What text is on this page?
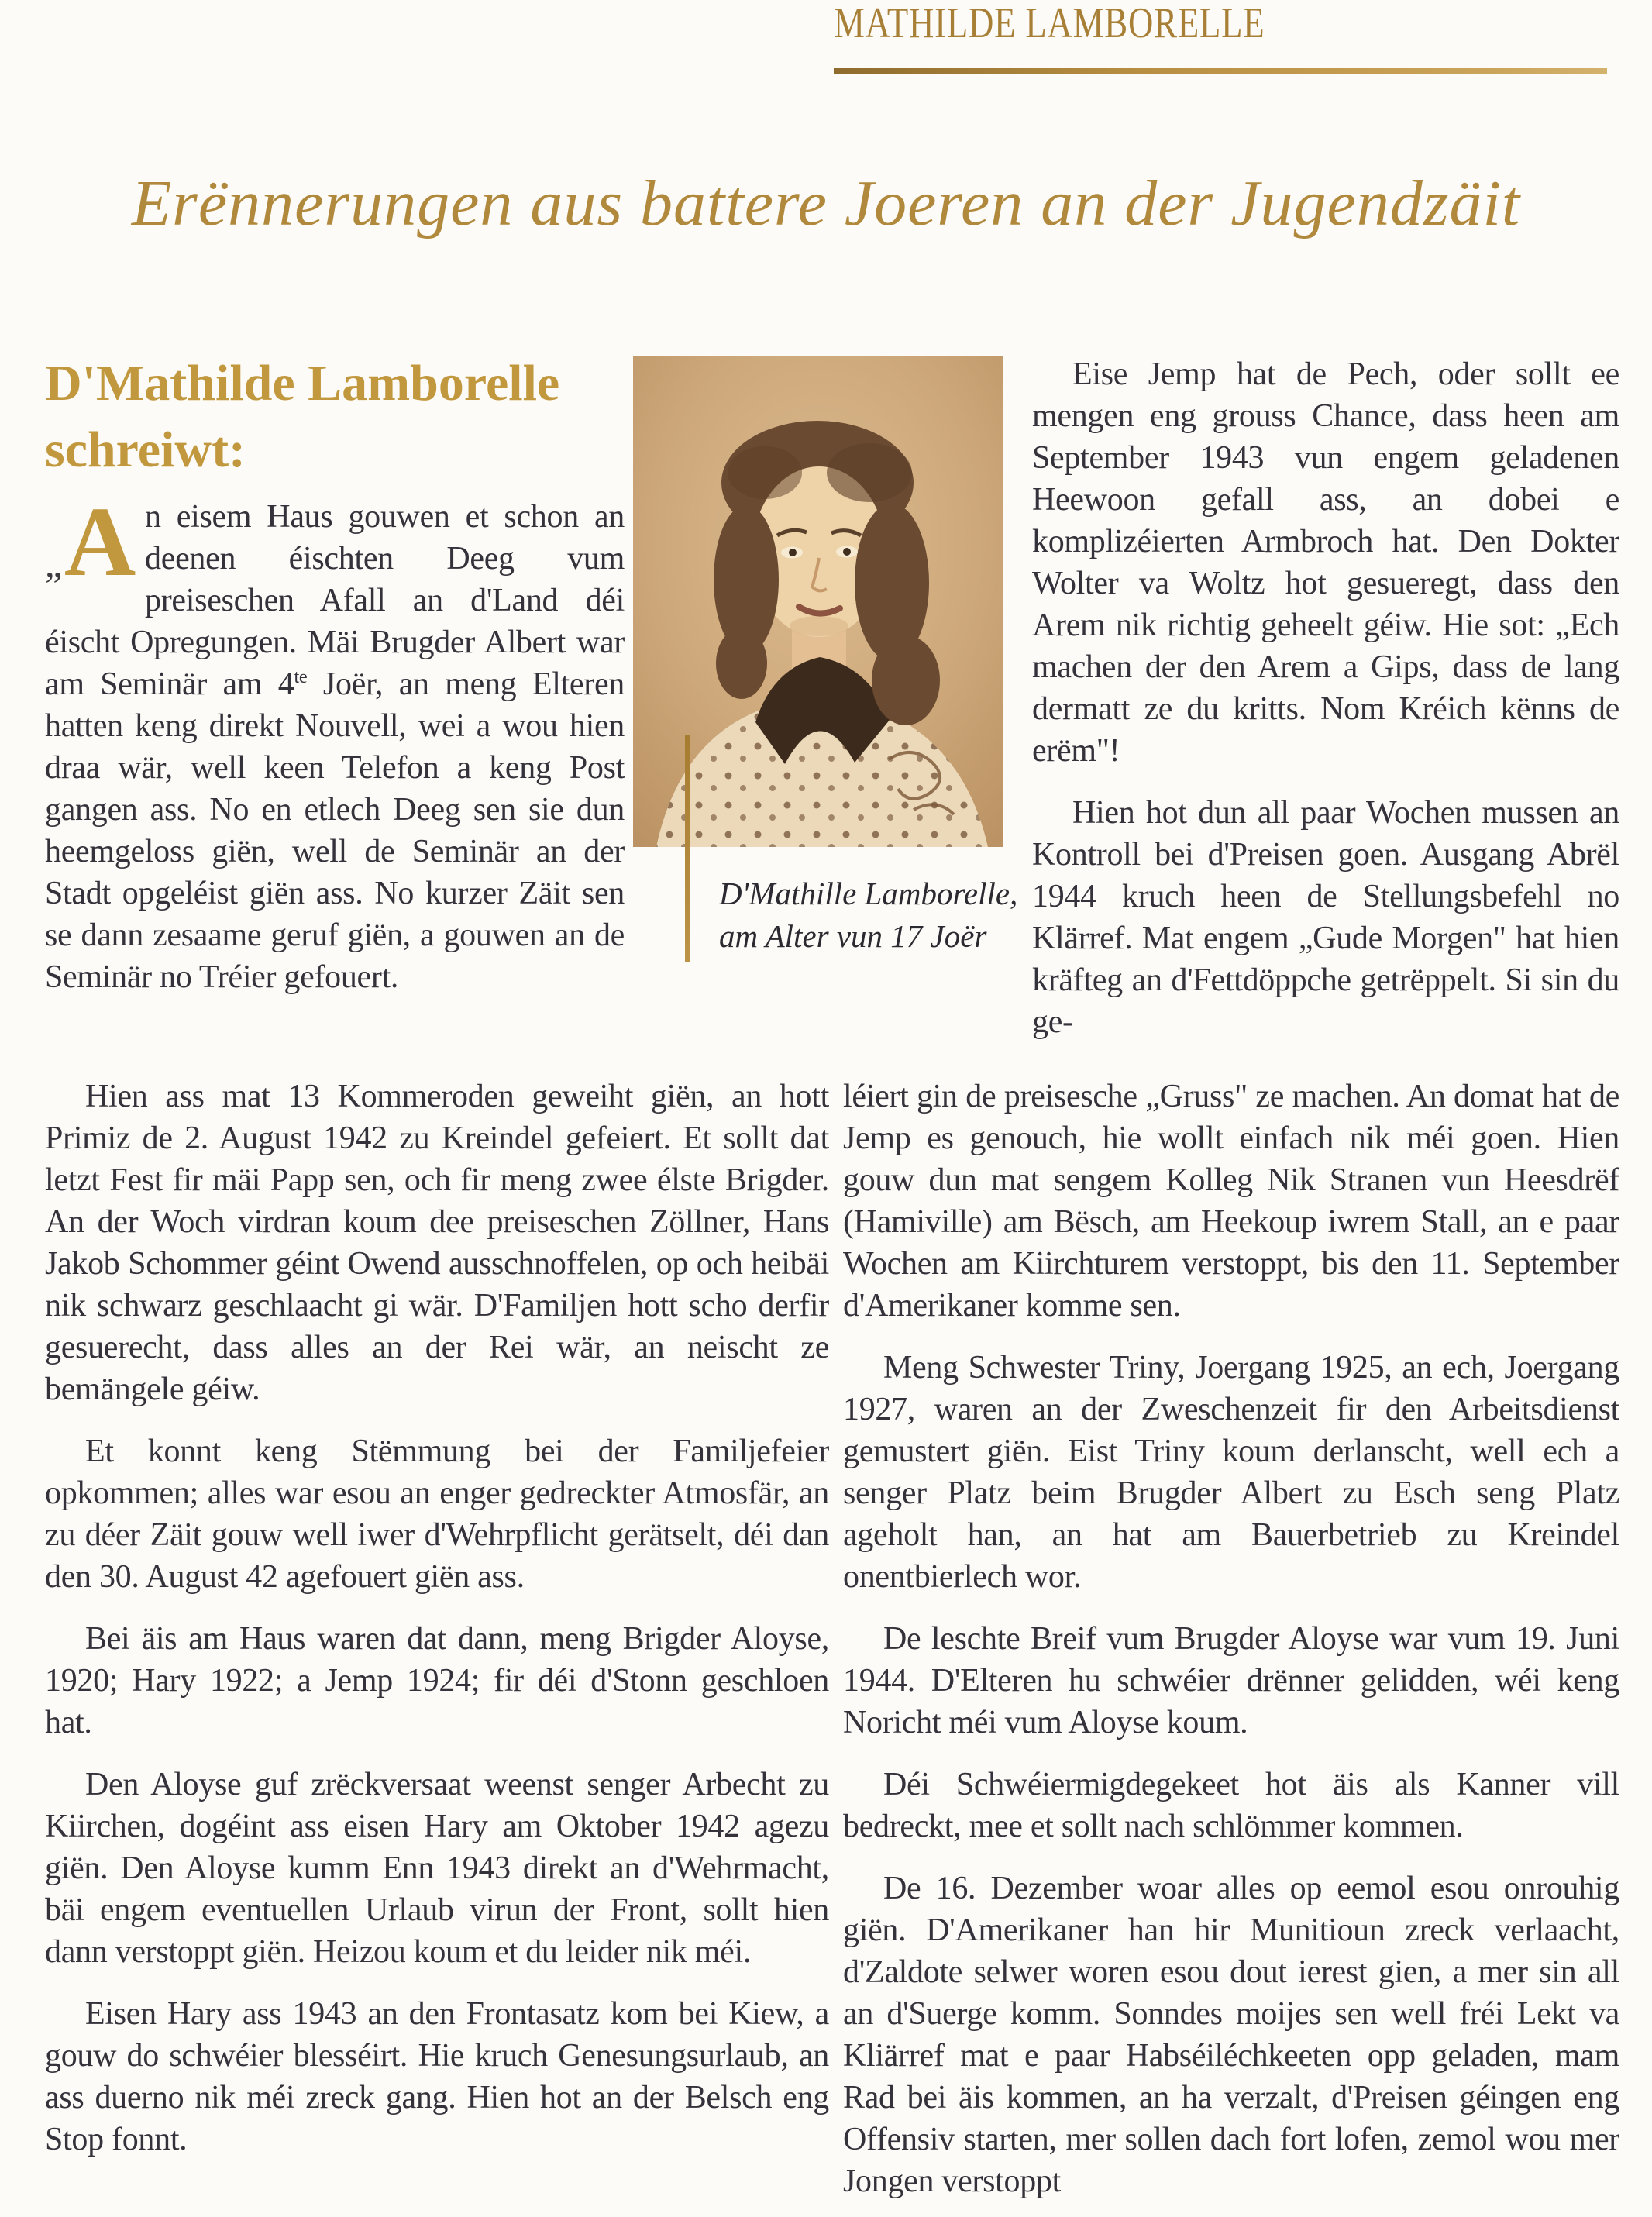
MATHILDE LAMBORELLE
Erënnerungen aus battere Joeren an der Jugendzäit
D'Mathilde Lamborelle
schreiwt:

„ A n eisem Haus gouwen et schon an deenen éischten Deeg vum preiseschen Afall an d'Land déi éischt Opregungen. Mäi Brugder Albert war am Seminär am $4^{te}$ Joër, an meng Elteren hatten keng direkt Nouvell, wei a wou hien draa wär, well keen Telefon a keng Post gangen ass. No en etlech Deeg sen sie dun heemgeloss giën, well de Seminär an der Stadt opgeléist giën ass. No kurzer Zäit sen se dann zesaame geruf giën, a gouwen an de Seminär no Tréier gefouert.

D'Mathille Lamborelle,
am Alter vun 17 Joër

Eise Jemp hat de Pech, oder sollt ee mengen eng grouss Chance, dass heen am September 1943 vun engem geladenen Heewoon gefall ass, an dobei e komplizéierten Armbroch hat. Den Dokter Wolter va Woltz hot gesueregt, dass den Arem nik richtig geheelt géiw. Hie sot: „Ech machen der den Arem a Gips, dass de lang dermatt ze du kritts. Nom Kréich kënns de erëm"!

Hien hot dun all paar Wochen mussen an Kontroll bei d'Preisen goen. Ausgang Abrël 1944 kruch heen de Stellungsbefehl no Klärref. Mat engem „Gude Morgen" hat hien kräfteg an d'Fettdöppche getrëppelt. Si sin du ge-

Hien ass mat 13 Kommeroden geweiht giën, an hott Primiz de 2. August 1942 zu Kreindel gefeiert. Et sollt dat letzt Fest fir mäi Papp sen, och fir meng zwee élste Brigder. An der Woch virdran koum dee preiseschen Zöllner, Hans Jakob Schommer géint Owend ausschnoffelen, op och heibäi nik schwarz geschlaacht gi wär. D'Familjen hott scho derfir gesuerecht, dass alles an der Rei wär, an neischt ze bemängele géiw.

Et konnt keng Stëmmung bei der Familjefeier opkommen; alles war esou an enger gedreckter Atmosfär, an zu déer Zäit gouw well iwer d'Wehrpflicht gerätselt, déi dan den 30. August 42 agefouert giën ass.

Bei äis am Haus waren dat dann, meng Brigder Aloyse, 1920; Hary 1922; a Jemp 1924; fir déi d'Stonn geschloen hat.

Den Aloyse guf zrëckversaat weenst senger Arbecht zu Kiirchen, dogéint ass eisen Hary am Oktober 1942 agezu giën. Den Aloyse kumm Enn 1943 direkt an d'Wehrmacht, bäi engem eventuellen Urlaub virun der Front, sollt hien dann verstoppt giën. Heizou koum et du leider nik méi.

Eisen Hary ass 1943 an den Frontasatz kom bei Kiew, a gouw do schwéier blesséirt. Hie kruch Genesungsurlaub, an ass duerno nik méi zreck gang. Hien hot an der Belsch eng Stop fonnt.

léiert gin de preisesche „Gruss" ze machen. An domat hat de Jemp es genouch, hie wollt einfach nik méi goen. Hien gouw dun mat sengem Kolleg Nik Stranen vun Heesdrëf (Hamiville) am Bësch, am Heekoup iwrem Stall, an e paar Wochen am Kiirchturem verstoppt, bis den 11. September d'Amerikaner komme sen.

Meng Schwester Triny, Joergang 1925, an ech, Joergang 1927, waren an der Zweschenzeit fir den Arbeitsdienst gemustert giën. Eist Triny koum derlanscht, well ech a senger Platz beim Brugder Albert zu Esch seng Platz ageholt han, an hat am Bauerbetrieb zu Kreindel onentbierlech wor.

De leschte Breif vum Brugder Aloyse war vum 19. Juni 1944. D'Elteren hu schwéier drënner gelidden, wéi keng Noricht méi vum Aloyse koum.

Déi Schwéiermigdegekeet hot äis als Kanner vill bedreckt, mee et sollt nach schlömmer kommen.

De 16. Dezember woar alles op eemol esou onrouhig giën. D'Amerikaner han hir Munitioun zreck verlaacht, d'Zaldote selwer woren esou dout ierest gien, a mer sin all an d'Suerge komm. Sonndes moijes sen well fréi Lekt va Kliärref mat e paar Habséiléchkeeten opp geladen, mam Rad bei äis kommen, an ha verzalt, d'Preisen géingen eng Offensiv starten, mer sollen dach fort lofen, zemol wou mer Jongen verstoppt
